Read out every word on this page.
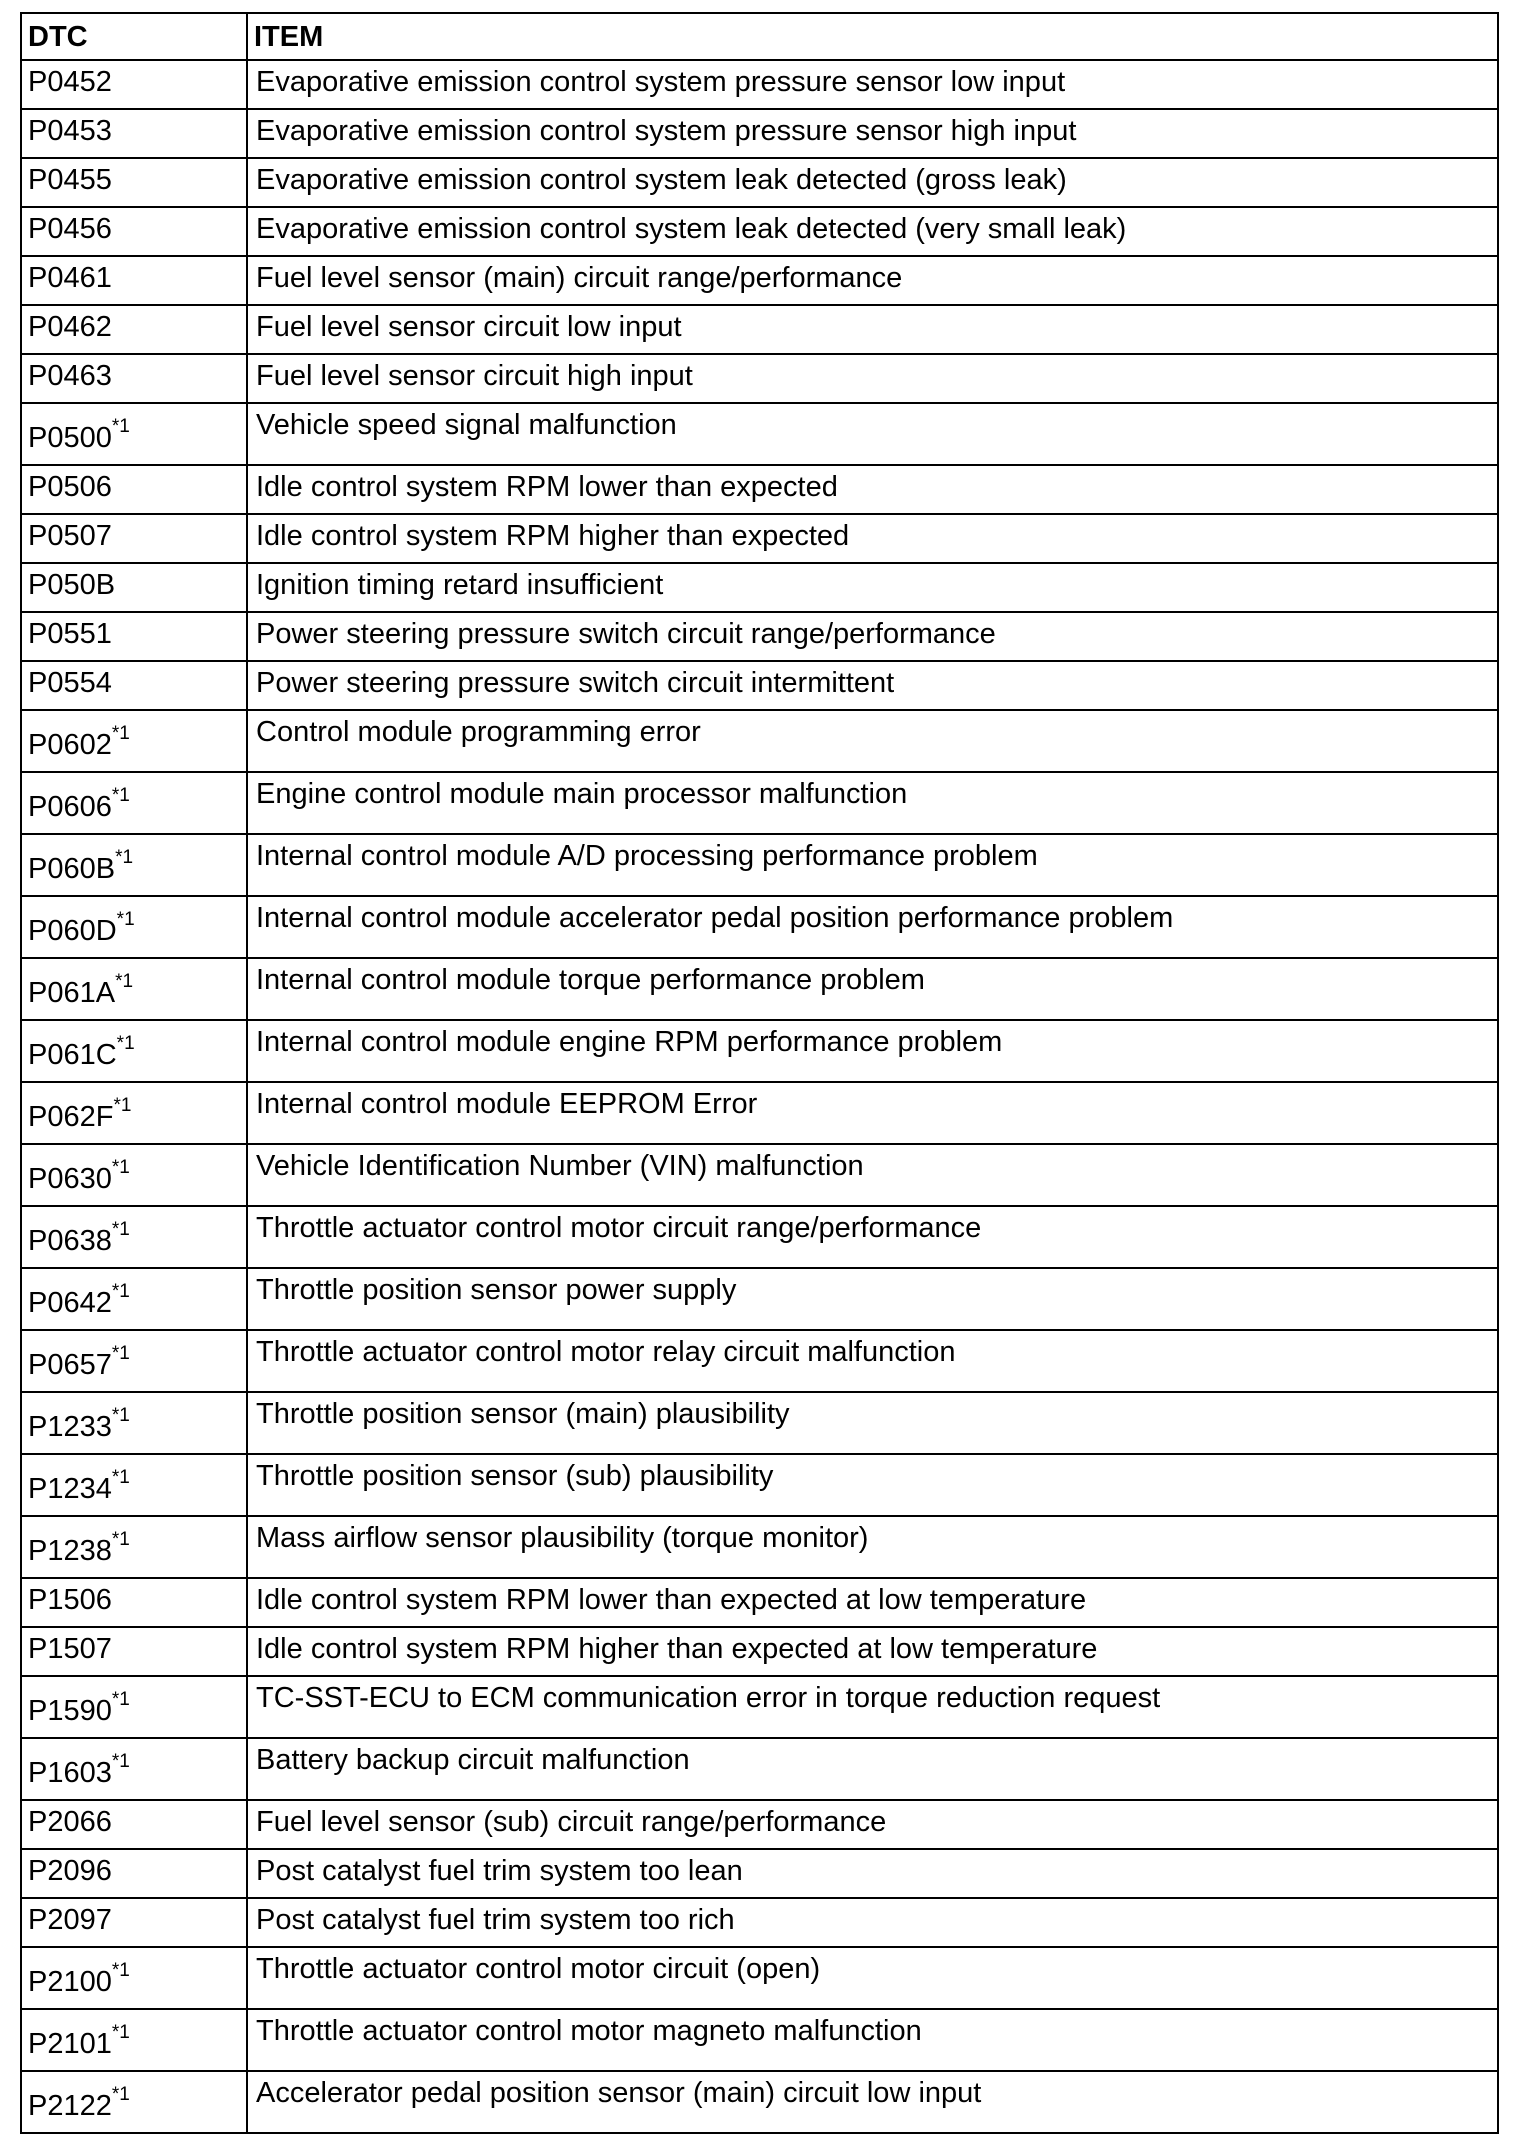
DTC	ITEM
P0452	Evaporative emission control system pressure sensor low input
P0453	Evaporative emission control system pressure sensor high input
P0455	Evaporative emission control system leak detected (gross leak)
P0456	Evaporative emission control system leak detected (very small leak)
P0461	Fuel level sensor (main) circuit range/performance
P0462	Fuel level sensor circuit low input
P0463	Fuel level sensor circuit high input
P0500$^{*1}$	Vehicle speed signal malfunction
P0506	Idle control system RPM lower than expected
P0507	Idle control system RPM higher than expected
P050B	Ignition timing retard insufficient
P0551	Power steering pressure switch circuit range/performance
P0554	Power steering pressure switch circuit intermittent
P0602$^{*1}$	Control module programming error
P0606$^{*1}$	Engine control module main processor malfunction
$P060B^{*1}$	Internal control module A/D processing performance problem
$P060D^{*1}$	Internal control module accelerator pedal position performance problem
$P061A^{*1}$	Internal control module torque performance problem
$P061C^{*1}$	Internal control module engine RPM performance problem
$P062F^{*1}$	Internal control module EEPROM Error
P0630$^{*1}$	Vehicle Identification Number (VIN) malfunction
P0638$^{*1}$	Throttle actuator control motor circuit range/performance
P0642$^{*1}$	Throttle position sensor power supply
P0657$^{*1}$	Throttle actuator control motor relay circuit malfunction
P1233$^{*1}$	Throttle position sensor (main) plausibility
P1234$^{*1}$	Throttle position sensor (sub) plausibility
P1238$^{*1}$	Mass airflow sensor plausibility (torque monitor)
P1506	Idle control system RPM lower than expected at low temperature
P1507	Idle control system RPM higher than expected at low temperature
P1590$^{*1}$	TC-SST-ECU to ECM communication error in torque reduction request
P1603$^{*1}$	Battery backup circuit malfunction
P2066	Fuel level sensor (sub) circuit range/performance
P2096	Post catalyst fuel trim system too lean
P2097	Post catalyst fuel trim system too rich
P2100$^{*1}$	Throttle actuator control motor circuit (open)
P2101$^{*1}$	Throttle actuator control motor magneto malfunction
P2122$^{*1}$	Accelerator pedal position sensor (main) circuit low input
